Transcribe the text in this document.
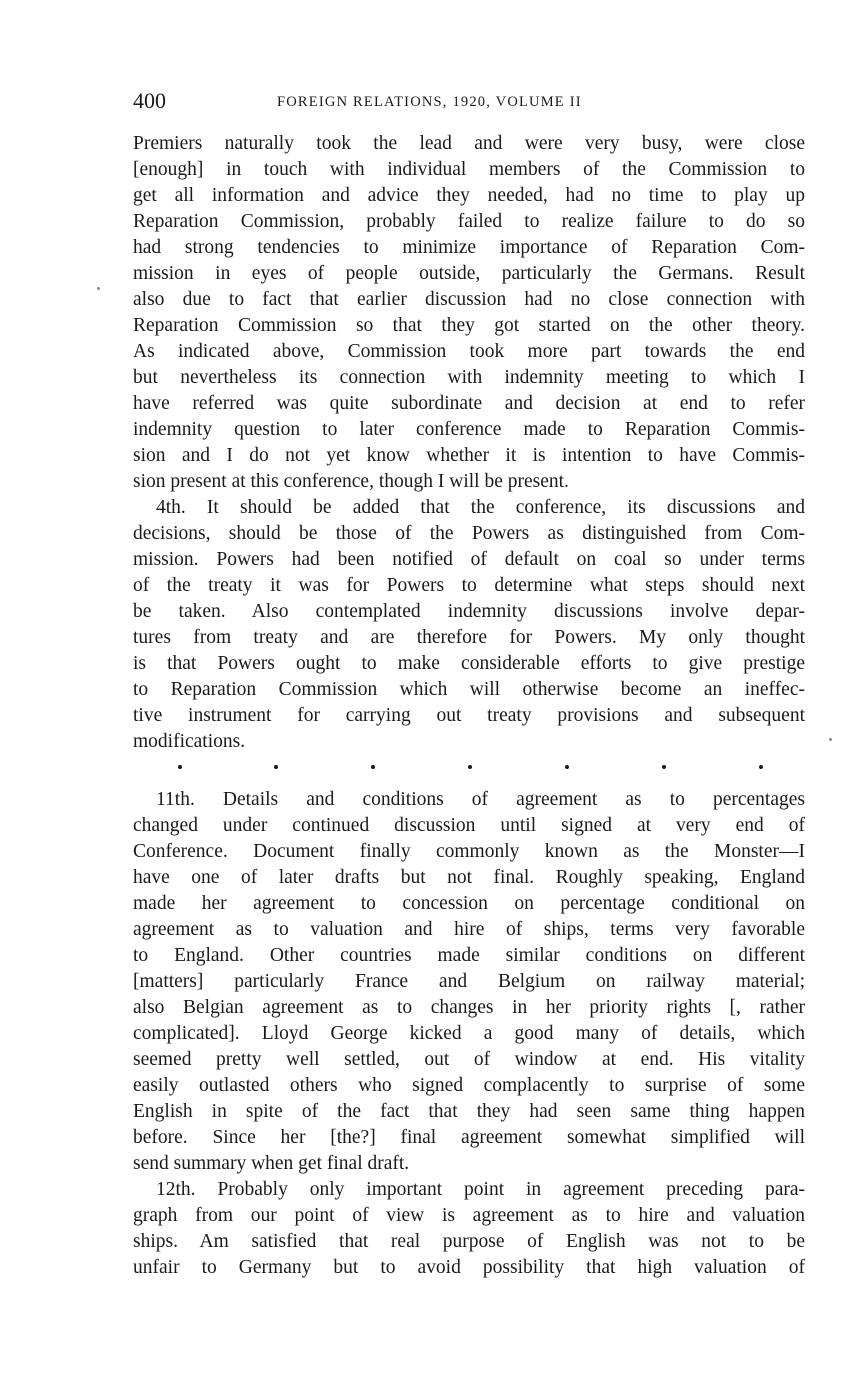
400	FOREIGN RELATIONS, 1920, VOLUME II
Premiers naturally took the lead and were very busy, were close
[enough] in touch with individual members of the Commission to
get all information and advice they needed, had no time to play up
Reparation Commission, probably failed to realize failure to do so
had strong tendencies to minimize importance of Reparation Com-
mission in eyes of people outside, particularly the Germans. Result
also due to fact that earlier discussion had no close connection with
Reparation Commission so that they got started on the other theory.
As indicated above, Commission took more part towards the end
but nevertheless its connection with indemnity meeting to which I
have referred was quite subordinate and decision at end to refer
indemnity question to later conference made to Reparation Commis-
sion and I do not yet know whether it is intention to have Commis-
sion present at this conference, though I will be present.
4th. It should be added that the conference, its discussions and
decisions, should be those of the Powers as distinguished from Com-
mission. Powers had been notified of default on coal so under terms
of the treaty it was for Powers to determine what steps should next
be taken. Also contemplated indemnity discussions involve depar-
tures from treaty and are therefore for Powers. My only thought
is that Powers ought to make considerable efforts to give prestige
to Reparation Commission which will otherwise become an ineffec-
tive instrument for carrying out treaty provisions and subsequent
modifications.
11th. Details and conditions of agreement as to percentages
changed under continued discussion until signed at very end of
Conference. Document finally commonly known as the Monster—I
have one of later drafts but not final. Roughly speaking, England
made her agreement to concession on percentage conditional on
agreement as to valuation and hire of ships, terms very favorable
to England. Other countries made similar conditions on different
[matters] particularly France and Belgium on railway material;
also Belgian agreement as to changes in her priority rights [, rather
complicated]. Lloyd George kicked a good many of details, which
seemed pretty well settled, out of window at end. His vitality
easily outlasted others who signed complacently to surprise of some
English in spite of the fact that they had seen same thing happen
before. Since her [the?] final agreement somewhat simplified will
send summary when get final draft.
12th. Probably only important point in agreement preceding para-
graph from our point of view is agreement as to hire and valuation
ships. Am satisfied that real purpose of English was not to be
unfair to Germany but to avoid possibility that high valuation of
